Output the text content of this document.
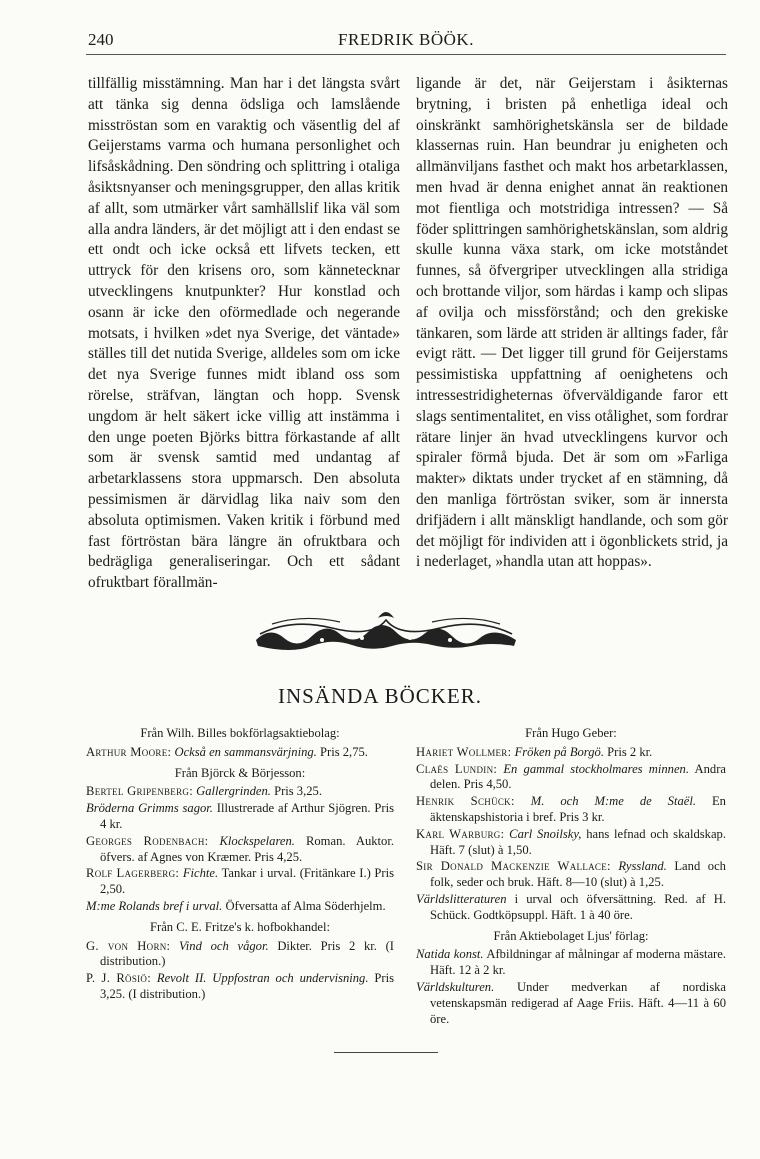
240	FREDRIK BÖÖK.

tillfällig misstämning. Man har i det längsta svårt att tänka sig denna ödsliga och lamslående misströstan som en varaktig och väsentlig del af Geijerstams varma och humana personlighet och lifsåskådning. Den söndring och splittring i otaliga åsiktsnyanser och meningsgrupper, den allas kritik af allt, som utmärker vårt samhällslif lika väl som alla andra länders, är det möjligt att i den endast se ett ondt och icke också ett lifvets tecken, ett uttryck för den krisens oro, som kännetecknar utvecklingens knutpunkter? Hur konstlad och osann är icke den oförmedlade och negerande motsats, i hvilken »det nya Sverige, det väntade» ställes till det nutida Sverige, alldeles som om icke det nya Sverige funnes midt ibland oss som rörelse, sträfvan, längtan och hopp. Svensk ungdom är helt säkert icke villig att instämma i den unge poeten Björks bittra förkastande af allt som är svensk samtid med undantag af arbetarklassens stora uppmarsch. Den absoluta pessimismen är därvidlag lika naiv som den absoluta optimismen. Vaken kritik i förbund med fast förtröstan bära längre än ofruktbara och bedrägliga generaliseringar. Och ett sådant ofruktbart förallmän-

ligande är det, när Geijerstam i åsikternas brytning, i bristen på enhetliga ideal och oinskränkt samhörighetskänsla ser de bildade klassernas ruin. Han beundrar ju enigheten och allmänviljans fasthet och makt hos arbetarklassen, men hvad är denna enighet annat än reaktionen mot fientliga och motstridiga intressen? — Så föder splittringen samhörighetskänslan, som aldrig skulle kunna växa stark, om icke motståndet funnes, så öfvergriper utvecklingen alla stridiga och brottande viljor, som härdas i kamp och slipas af ovilja och missförstånd; och den grekiske tänkaren, som lärde att striden är alltings fader, får evigt rätt. — Det ligger till grund för Geijerstams pessimistiska uppfattning af oenighetens och intressestridigheternas öfverväldigande faror ett slags sentimentalitet, en viss otålighet, som fordrar rätare linjer än hvad utvecklingens kurvor och spiraler förmå bjuda. Det är som om »Farliga makter» diktats under trycket af en stämning, då den manliga förtröstan sviker, som är innersta drifjädern i allt mänskligt handlande, och som gör det möjligt för individen att i ögonblickets strid, ja i nederlaget, »handla utan att hoppas».

INSÄNDA BÖCKER.
Från Wilh. Billes bokförlagsaktiebolag:
Arthur Moore: Också en sammansvärjning. Pris 2,75.
Från Björck & Börjesson:
Bertel Gripenberg: Gallergrinden. Pris 3,25.
Bröderna Grimms sagor. Illustrerade af Arthur Sjögren. Pris 4 kr.
Georges Rodenbach: Klockspelaren. Roman. Auktor. öfvers. af Agnes von Kræmer. Pris 4,25.
Rolf Lagerberg: Fichte. Tankar i urval. (Fritänkare I.) Pris 2,50.
M:me Rolands bref i urval. Öfversatta af Alma Söderhjelm.
Från C. E. Fritze's k. hofbokhandel:
G. von Horn: Vind och vågor. Dikter. Pris 2 kr. (I distribution.)
P. J. Rösiö: Revolt II. Uppfostran och undervisning. Pris 3,25. (I distribution.)
Från Hugo Geber:
Hariet Wollmer: Fröken på Borgö. Pris 2 kr.
Claës Lundin: En gammal stockholmares minnen. Andra delen. Pris 4,50.
Henrik Schück: M. och M:me de Staël. En äktenskapshistoria i bref. Pris 3 kr.
Karl Warburg: Carl Snoilsky, hans lefnad och skaldskap. Häft. 7 (slut) à 1,50.
Sir Donald Mackenzie Wallace: Ryssland. Land och folk, seder och bruk. Häft. 8—10 (slut) à 1,25.
Världslitteraturen i urval och öfversättning. Red. af H. Schück. Godtköpsuppl. Häft. 1 à 40 öre.
Från Aktiebolaget Ljus' förlag:
Natida konst. Afbildningar af målningar af moderna mästare. Häft. 12 à 2 kr.
Världskulturen. Under medverkan af nordiska vetenskapsmän redigerad af Aage Friis. Häft. 4—11 à 60 öre.
